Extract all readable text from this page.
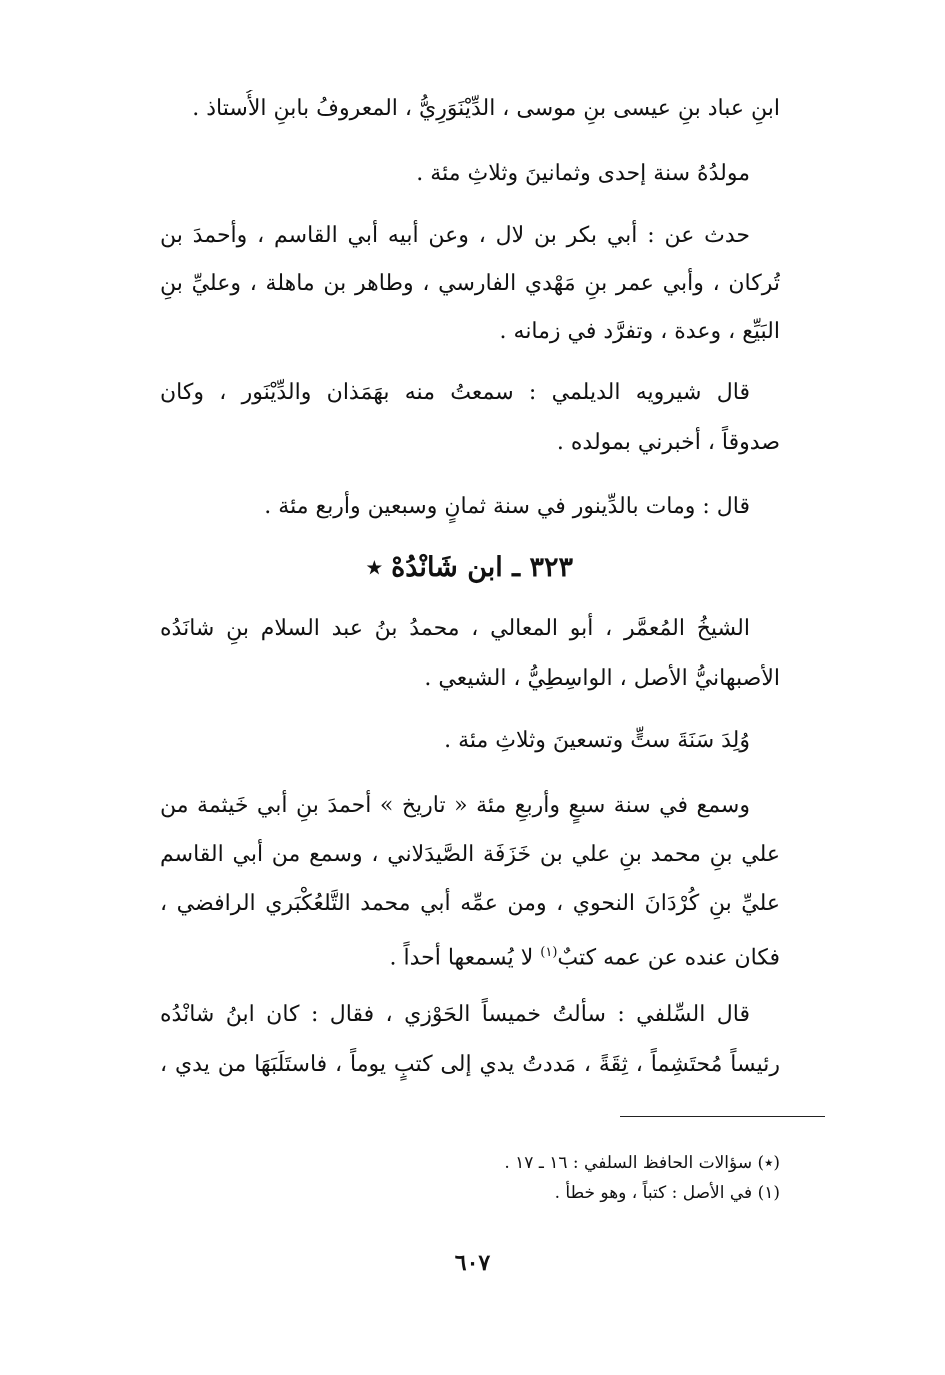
ابنِ عباد بنِ عيسى بنِ موسى ، الدِّيْنَوَرِيُّ ، المعروفُ بابنِ الأُستاذ .
مولدُهُ سنة إحدى وثمانينَ وثلاثِ مئة .
حدث عن : أبي بكر بن لال ، وعن أبيه أبي القاسم ، وأحمدَ بن
تُركان ، وأبي عمر بنِ مَهْدي الفارسي ، وطاهر بن ماهلة ، وعليِّ بنِ
البَيِّع ، وعدة ، وتفرَّد في زمانه .
قال شيرويه الديلمي : سمعتُ منه بهَمَذان والدِّيْنَور ، وكان
صدوقاً ، أخبرني بمولده .
قال : ومات بالدِّينور في سنة ثمانٍ وسبعين وأربع مئة .
٣٢٣ ـ ابن شَانْدُهْ ٭
الشيخُ المُعمَّر ، أبو المعالي ، محمدُ بنُ عبد السلام بنِ شانَدُه
الأصبهانيُّ الأصل ، الواسِطِيُّ ، الشيعي .
وُلِدَ سَنَةَ ستٍّ وتسعينَ وثلاثِ مئة .
وسمع في سنة سبعٍ وأربعِ مئة « تاريخ » أحمدَ بنِ أبي خَيثمة من
علي بنِ محمد بنِ علي بن خَزَفَة الصَّيدَلاني ، وسمع من أبي القاسم
عليِّ بنِ كُرْدَانَ النحوي ، ومن عمِّه أبي محمد التَّلعُكْبَري الرافضي ،
فكان عنده عن عمه كتبٌ$^{(١)}$ لا يُسمعها أحداً .
قال السِّلفي : سألتُ خميساً الحَوْزي ، فقال : كان ابنُ شانْدُه
رئيساً مُحتَشِماً ، ثِقَةً ، مَددتُ يدي إلى كتبٍ يوماً ، فاستَلَبَهَا من يدي ،
(٭) سؤالات الحافظ السلفي : ١٦ ـ ١٧ .
(١) في الأصل : كتباً ، وهو خطأ .
٦٠٧
